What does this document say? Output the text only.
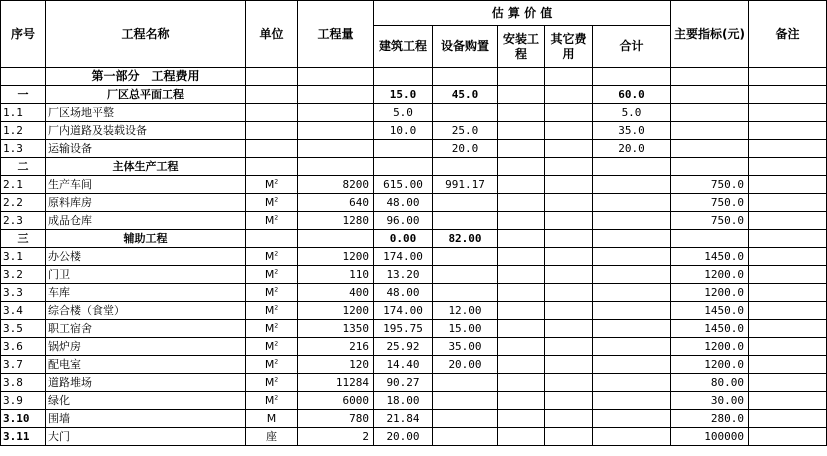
序号	工程名称	单位	工程量	估 算 价 值					主要指标(元)	备注
				建筑工程	设备购置	安装工程	其它费用	合计		
	第一部分　工程费用									
一	厂区总平面工程			15.0	45.0			60.0		
1.1	厂区场地平整			5.0				5.0		
1.2	厂内道路及装载设备			10.0	25.0			35.0		
1.3	运输设备				20.0			20.0		
二	主体生产工程									
2.1	生产车间	$M^2$	8200	615.00	991.17				750.0	
2.2	原料库房	$M^2$	640	48.00					750.0	
2.3	成品仓库	$M^2$	1280	96.00					750.0	
三	辅助工程			0.00	82.00					
3.1	办公楼	$M^2$	1200	174.00					1450.0	
3.2	门卫	$M^2$	110	13.20					1200.0	
3.3	车库	$M^2$	400	48.00					1200.0	
3.4	综合楼（食堂）	$M^2$	1200	174.00	12.00				1450.0	
3.5	职工宿舍	$M^2$	1350	195.75	15.00				1450.0	
3.6	锅炉房	$M^2$	216	25.92	35.00				1200.0	
3.7	配电室	$M^2$	120	14.40	20.00				1200.0	
3.8	道路堆场	$M^2$	11284	90.27					80.00	
3.9	绿化	$M^2$	6000	18.00					30.00	
3.10	围墙	M	780	21.84					280.0	
3.11	大门	座	2	20.00					100000	
